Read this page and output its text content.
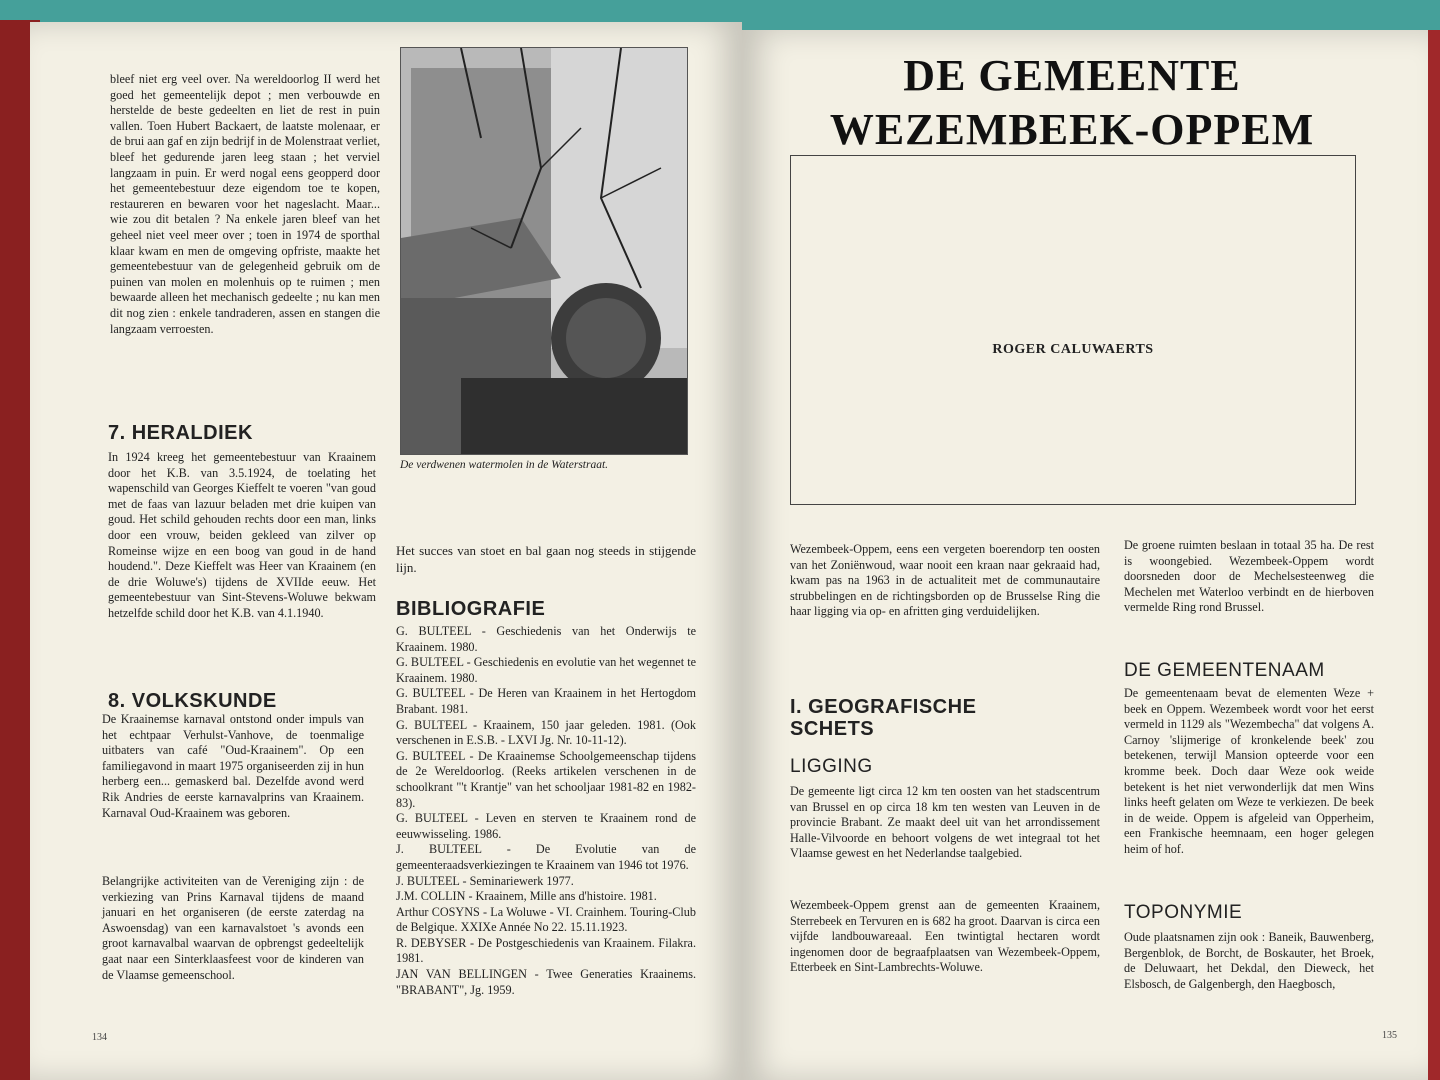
bleef niet erg veel over. Na wereldoorlog II werd het goed het gemeentelijk depot ; men verbouwde en herstelde de beste gedeelten en liet de rest in puin vallen. Toen Hubert Backaert, de laatste molenaar, er de brui aan gaf en zijn bedrijf in de Molenstraat verliet, bleef het gedurende jaren leeg staan ; het verviel langzaam in puin. Er werd nogal eens geopperd door het gemeentebestuur deze eigendom toe te kopen, restaureren en bewaren voor het nageslacht. Maar... wie zou dit betalen ? Na enkele jaren bleef van het geheel niet veel meer over ; toen in 1974 de sporthal klaar kwam en men de omgeving opfriste, maakte het gemeentebestuur van de gelegenheid gebruik om de puinen van molen en molenhuis op te ruimen ; men bewaarde alleen het mechanisch gedeelte ; nu kan men dit nog zien : enkele tandraderen, assen en stangen die langzaam verroesten.
De verdwenen watermolen in de Waterstraat.
7. HERALDIEK
In 1924 kreeg het gemeentebestuur van Kraainem door het K.B. van 3.5.1924, de toelating het wapenschild van Georges Kieffelt te voeren "van goud met de faas van lazuur beladen met drie kuipen van goud. Het schild gehouden rechts door een man, links door een vrouw, beiden gekleed van zilver op Romeinse wijze en een boog van goud in de hand houdend.". Deze Kieffelt was Heer van Kraainem (en de drie Woluwe's) tijdens de XVIIde eeuw. Het gemeentebestuur van Sint-Stevens-Woluwe bekwam hetzelfde schild door het K.B. van 4.1.1940.
8. VOLKSKUNDE
De Kraainemse karnaval ontstond onder impuls van het echtpaar Verhulst-Vanhove, de toenmalige uitbaters van café "Oud-Kraainem". Op een familiegavond in maart 1975 organiseerden zij in hun herberg een... gemaskerd bal. Dezelfde avond werd Rik Andries de eerste karnavalprins van Kraainem. Karnaval Oud-Kraainem was geboren.
Belangrijke activiteiten van de Vereniging zijn : de verkiezing van Prins Karnaval tijdens de maand januari en het organiseren (de eerste zaterdag na Aswoensdag) van een karnavalstoet 's avonds een groot karnavalbal waarvan de opbrengst gedeeltelijk gaat naar een Sinterklaasfeest voor de kinderen van de Vlaamse gemeenschool.
Het succes van stoet en bal gaan nog steeds in stijgende lijn.
BIBLIOGRAFIE

G. BULTEEL - Geschiedenis van het Onderwijs te Kraainem. 1980.

G. BULTEEL - Geschiedenis en evolutie van het wegennet te Kraainem. 1980.

G. BULTEEL - De Heren van Kraainem in het Hertogdom Brabant. 1981.

G. BULTEEL - Kraainem, 150 jaar geleden. 1981. (Ook verschenen in E.S.B. - LXVI Jg. Nr. 10-11-12).

G. BULTEEL - De Kraainemse Schoolgemeenschap tijdens de 2e Wereldoorlog. (Reeks artikelen verschenen in de schoolkrant "'t Krantje" van het schooljaar 1981-82 en 1982-83).

G. BULTEEL - Leven en sterven te Kraainem rond de eeuwwisseling. 1986.

J. BULTEEL - De Evolutie van de gemeenteraadsverkiezingen te Kraainem van 1946 tot 1976.

J. BULTEEL - Seminariewerk 1977.

J.M. COLLIN - Kraainem, Mille ans d'histoire. 1981.

Arthur COSYNS - La Woluwe - VI. Crainhem. Touring-Club de Belgique. XXIXe Année No 22. 15.11.1923.

R. DEBYSER - De Postgeschiedenis van Kraainem. Filakra. 1981.

JAN VAN BELLINGEN - Twee Generaties Kraainems. "BRABANT", Jg. 1959.

134
DE GEMEENTE
WEZEMBEEK-OPPEM
ROGER CALUWAERTS
Wezembeek-Oppem, eens een vergeten boerendorp ten oosten van het Zoniënwoud, waar nooit een kraan naar gekraaid had, kwam pas na 1963 in de actualiteit met de communautaire strubbelingen en de richtingsborden op de Brusselse Ring die haar ligging via op- en afritten ging verduidelijken.
I. GEOGRAFISCHE SCHETS
LIGGING
De gemeente ligt circa 12 km ten oosten van het stadscentrum van Brussel en op circa 18 km ten westen van Leuven in de provincie Brabant. Ze maakt deel uit van het arrondissement Halle-Vilvoorde en behoort volgens de wet integraal tot het Vlaamse gewest en het Nederlandse taalgebied.
Wezembeek-Oppem grenst aan de gemeenten Kraainem, Sterrebeek en Tervuren en is 682 ha groot. Daarvan is circa een vijfde landbouwareaal. Een twintigtal hectaren wordt ingenomen door de begraafplaatsen van Wezembeek-Oppem, Etterbeek en Sint-Lambrechts-Woluwe.
De groene ruimten beslaan in totaal 35 ha. De rest is woongebied. Wezembeek-Oppem wordt doorsneden door de Mechelsesteenweg die Mechelen met Waterloo verbindt en de hierboven vermelde Ring rond Brussel.
DE GEMEENTENAAM
De gemeentenaam bevat de elementen Weze + beek en Oppem. Wezembeek wordt voor het eerst vermeld in 1129 als "Wezembecha" dat volgens A. Carnoy 'slijmerige of kronkelende beek' zou betekenen, terwijl Mansion opteerde voor een kromme beek. Doch daar Weze ook weide betekent is het niet verwonderlijk dat men Wins links heeft gelaten om Weze te verkiezen. De beek in de weide. Oppem is afgeleid van Opperheim, een Frankische heemnaam, een hoger gelegen heim of hof.
TOPONYMIE
Oude plaatsnamen zijn ook : Baneik, Bauwenberg, Bergenblok, de Borcht, de Boskauter, het Broek, de Deluwaart, het Dekdal, den Dieweck, het Elsbosch, de Galgenbergh, den Haegbosch,
135
